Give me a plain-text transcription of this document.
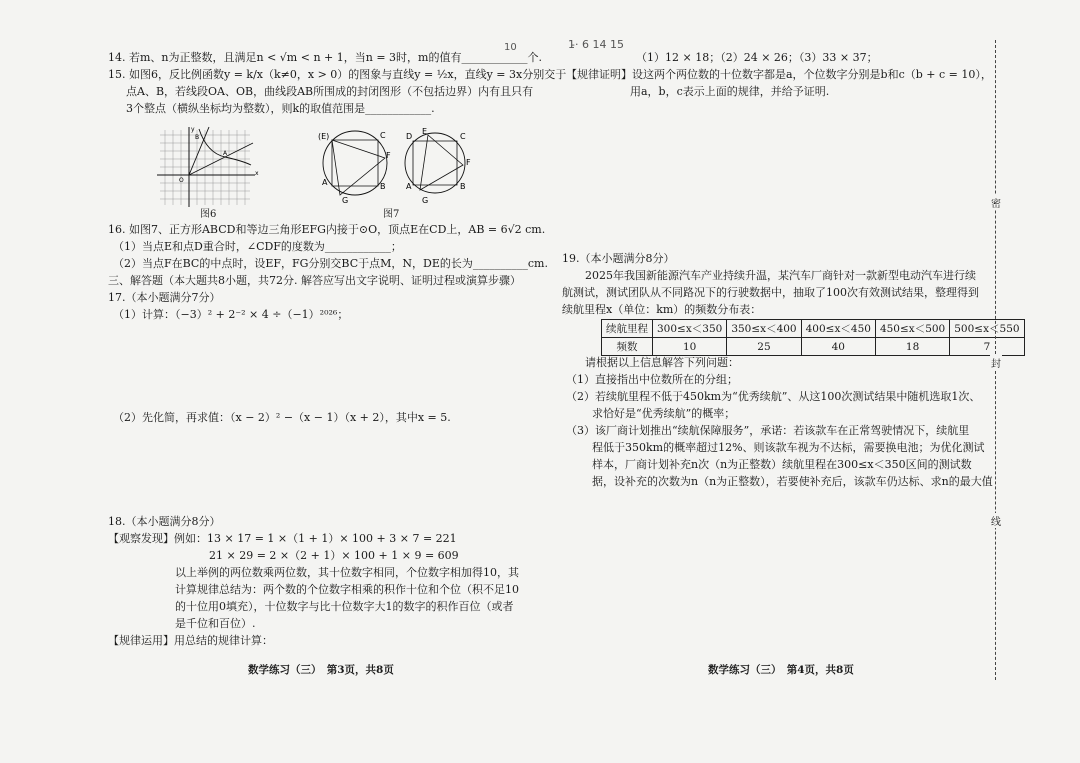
14. 若m、n为正整数，且满足n < √m < n + 1，当n = 3时，m的值有____________个.
15. 如图6，反比例函数y = k/x（k≠0，x > 0）的图象与直线y = ½x，直线y = 3x分别交于
点A、B，若线段OA、OB，曲线段AB所围成的封闭图形（不包括边界）内有且只有
3个整点（横纵坐标均为整数），则k的取值范围是____________.
B
A
O
x
y
图6
(E)
A
C
F
B
G
E
D	C
F
B
A
G
图7
16. 如图7、正方形ABCD和等边三角形EFG内接于⊙O，顶点E在CD上，AB = 6√2 cm.
（1）当点E和点D重合时，∠CDF的度数为____________；
（2）当点F在BC的中点时，设EF，FG分别交BC于点M，N，DE的长为__________cm.
三、解答题（本大题共8小题，共72分. 解答应写出文字说明、证明过程或演算步骤）
17.（本小题满分7分）
（1）计算：（−3）² + 2⁻² × 4 ÷（−1）²⁰²⁶；
（2）先化简，再求值：（x − 2）² −（x − 1）（x + 2），其中x = 5.
18.（本小题满分8分）
【观察发现】例如：13 × 17 = 1 ×（1 + 1）× 100 + 3 × 7 = 221
21 × 29 = 2 ×（2 + 1）× 100 + 1 × 9 = 609
以上举例的两位数乘两位数，其十位数字相同，个位数字相加得10，其
计算规律总结为：两个数的个位数字相乘的积作十位和个位（积不足10
的十位用0填充），十位数字与比十位数字大1的数字的积作百位（或者
是千位和百位）.
【规律运用】用总结的规律计算：
数学练习（三）　第3页，共8页
1̵· 6 14 15
10
（1）12 × 18；（2）24 × 26；（3）33 × 37；
【规律证明】设这两个两位数的十位数字都是a，个位数字分别是b和c（b + c = 10），
用a，b，c表示上面的规律，并给予证明.
19.（本小题满分8分）
2025年我国新能源汽车产业持续升温，某汽车厂商针对一款新型电动汽车进行续
航测试，测试团队从不同路况下的行驶数据中，抽取了100次有效测试结果，整理得到
续航里程x（单位：km）的频数分布表：
续航里程	300≤x＜350	350≤x＜400	400≤x＜450	450≤x＜500	500≤x＜550
频数	10	25	40	18	7
请根据以上信息解答下列问题：
（1）直接指出中位数所在的分组；
（2）若续航里程不低于450km为“优秀续航”、从这100次测试结果中随机选取1次、
求恰好是“优秀续航”的概率；
（3）该厂商计划推出“续航保障服务”，承诺：若该款车在正常驾驶情况下，续航里
程低于350km的概率超过12%、则该款车视为不达标，需要换电池；为优化测试
样本，厂商计划补充n次（n为正整数）续航里程在300≤x＜350区间的测试数
据，设补充的次数为n（n为正整数），若要使补充后，该款车仍达标、求n的最大值
数学练习（三）　第4页，共8页
密
封
线
